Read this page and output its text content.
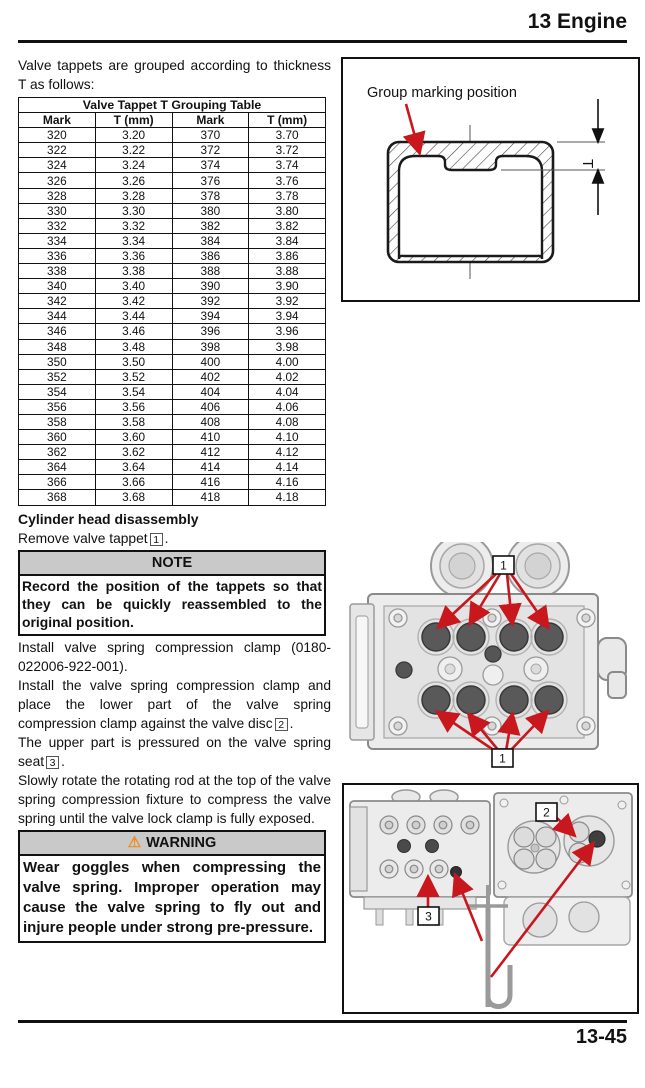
13 Engine

Valve tappets are grouped according to thickness T as follows:

Valve Tappet T Grouping Table			
Mark	T (mm)	Mark	T (mm)
320	3.20	370	3.70
322	3.22	372	3.72
324	3.24	374	3.74
326	3.26	376	3.76
328	3.28	378	3.78
330	3.30	380	3.80
332	3.32	382	3.82
334	3.34	384	3.84
336	3.36	386	3.86
338	3.38	388	3.88
340	3.40	390	3.90
342	3.42	392	3.92
344	3.44	394	3.94
346	3.46	396	3.96
348	3.48	398	3.98
350	3.50	400	4.00
352	3.52	402	4.02
354	3.54	404	4.04
356	3.56	406	4.06
358	3.58	408	4.08
360	3.60	410	4.10
362	3.62	412	4.12
364	3.64	414	4.14
366	3.66	416	4.16
368	3.68	418	4.18
Cylinder head disassembly

Remove valve tappet 1 .

NOTE
Record the position of the tappets so that they can be quickly reassembled to the original position.

Install valve spring compression clamp (0180-022006-922-001).

Install the valve spring compression clamp and place the lower part of the valve spring compression clamp against the valve disc 2 .

The upper part is pressured on the valve spring seat 3 .

Slowly rotate the rotating rod at the top of the valve spring compression fixture to compress the valve spring until the valve lock clamp is fully exposed.

⚠ WARNING
Wear goggles when compressing the valve spring. Improper operation may cause the valve spring to fly out and injure people under strong pre-pressure.
Group marking position
T
1
1
2
3
13-45
